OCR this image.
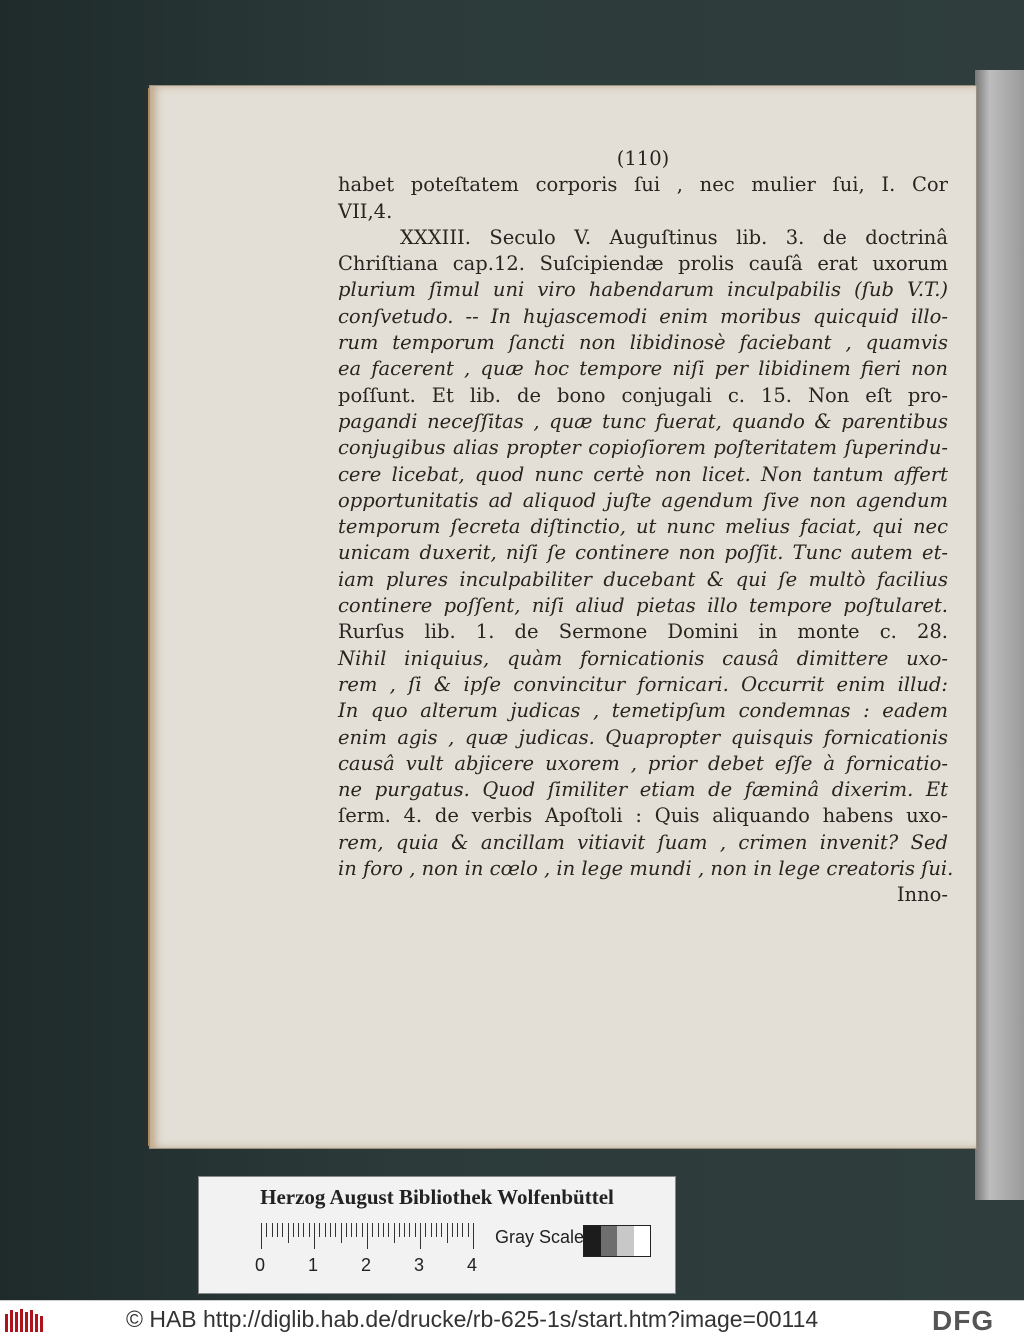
(110)
habet poteſtatem corporis ſui , nec mulier ſui, I. Cor
VII,4.
XXXIII. Seculo V. Auguſtinus lib. 3. de doctrinâ
Chriſtiana cap.12. Suſcipiendæ prolis cauſâ erat uxorum
plurium ſimul uni viro habendarum inculpabilis (ſub V.T.)
conſvetudo. -- In hujascemodi enim moribus quicquid illo-
rum temporum ſancti non libidinosè faciebant , quamvis
ea facerent , quæ hoc tempore niſi per libidinem fieri non
poſſunt. Et lib. de bono conjugali c. 15. Non eſt pro-
pagandi neceſſitas , quæ tunc fuerat, quando & parentibus
conjugibus alias propter copioſiorem poſteritatem ſuperindu-
cere licebat, quod nunc certè non licet. Non tantum affert
opportunitatis ad aliquod juſte agendum ſive non agendum
temporum ſecreta diſtinctio, ut nunc melius faciat, qui nec
unicam duxerit, niſi ſe continere non poſſit. Tunc autem et-
iam plures inculpabiliter ducebant & qui ſe multò facilius
continere poſſent, niſi aliud pietas illo tempore poſtularet.
Rurſus lib. 1. de Sermone Domini in monte c. 28.
Nihil iniquius, quàm fornicationis causâ dimittere uxo-
rem , ſi & ipſe convincitur fornicari. Occurrit enim illud:
In quo alterum judicas , temetipſum condemnas : eadem
enim agis , quæ judicas. Quapropter quisquis fornicationis
causâ vult abjicere uxorem , prior debet eſſe à fornicatio-
ne purgatus. Quod ſimiliter etiam de fæminâ dixerim. Et
ſerm. 4. de verbis Apoſtoli : Quis aliquando habens uxo-
rem, quia & ancillam vitiavit ſuam , crimen invenit? Sed
in foro , non in cœlo , in lege mundi , non in lege creatoris ſui.
Inno-
Herzog August Bibliothek Wolfenbüttel
0 1 2 3 4
Gray Scale
© HAB http://diglib.hab.de/drucke/rb-625-1s/start.htm?image=00114	DFG
